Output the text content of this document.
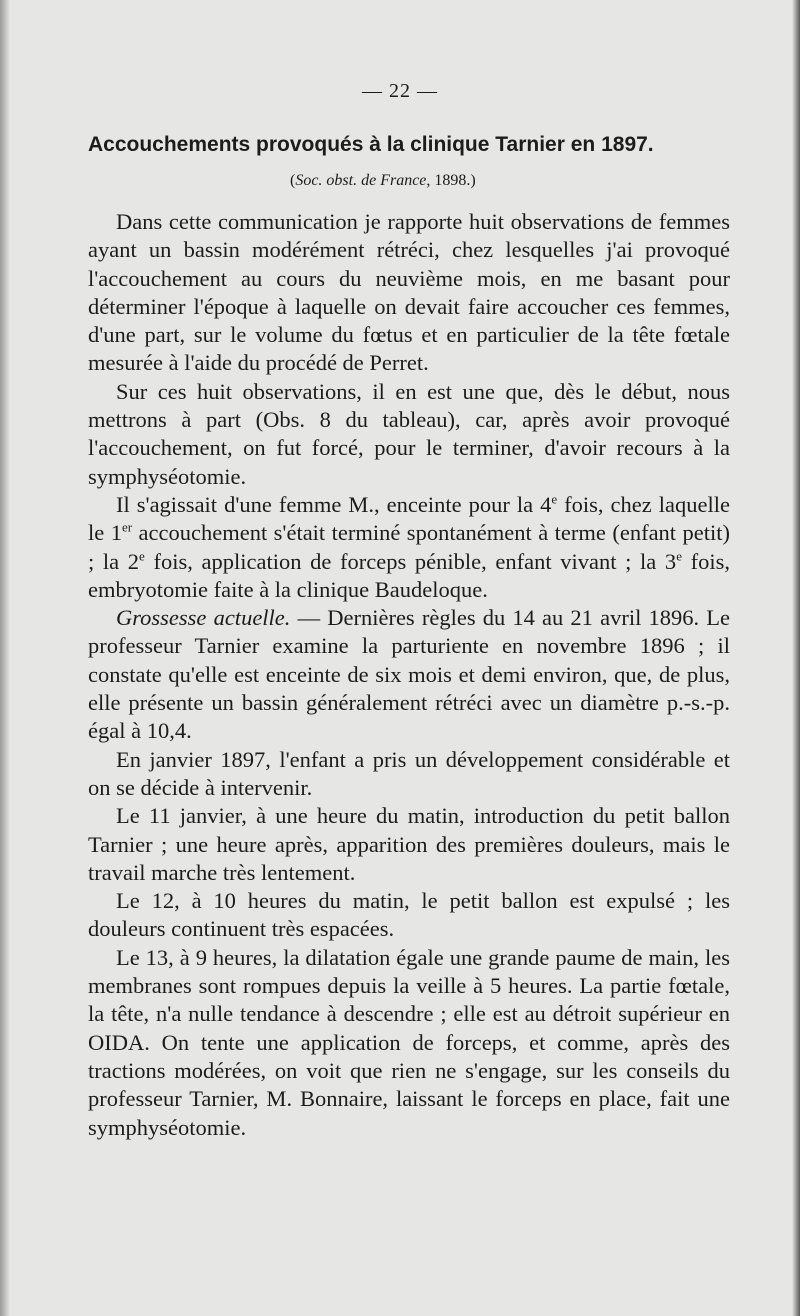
— 22 —
Accouchements provoqués à la clinique Tarnier en 1897.
(Soc. obst. de France, 1898.)

Dans cette communication je rapporte huit observations de femmes ayant un bassin modérément rétréci, chez lesquelles j'ai provoqué l'accouchement au cours du neuvième mois, en me basant pour déterminer l'époque à laquelle on devait faire accoucher ces femmes, d'une part, sur le volume du fœtus et en particulier de la tête fœtale mesurée à l'aide du procédé de Perret.

Sur ces huit observations, il en est une que, dès le début, nous mettrons à part (Obs. 8 du tableau), car, après avoir provoqué l'accouchement, on fut forcé, pour le terminer, d'avoir recours à la symphyséotomie.

Il s'agissait d'une femme M., enceinte pour la 4e fois, chez laquelle le 1er accouchement s'était terminé spontanément à terme (enfant petit) ; la 2e fois, application de forceps pénible, enfant vivant ; la 3e fois, embryotomie faite à la clinique Baudeloque.

Grossesse actuelle. — Dernières règles du 14 au 21 avril 1896. Le professeur Tarnier examine la parturiente en novembre 1896 ; il constate qu'elle est enceinte de six mois et demi environ, que, de plus, elle présente un bassin généralement rétréci avec un diamètre p.-s.-p. égal à 10,4.

En janvier 1897, l'enfant a pris un développement considérable et on se décide à intervenir.

Le 11 janvier, à une heure du matin, introduction du petit ballon Tarnier ; une heure après, apparition des premières douleurs, mais le travail marche très lentement.

Le 12, à 10 heures du matin, le petit ballon est expulsé ; les douleurs continuent très espacées.

Le 13, à 9 heures, la dilatation égale une grande paume de main, les membranes sont rompues depuis la veille à 5 heures. La partie fœtale, la tête, n'a nulle tendance à descendre ; elle est au détroit supérieur en OIDA. On tente une application de forceps, et comme, après des tractions modérées, on voit que rien ne s'engage, sur les conseils du professeur Tarnier, M. Bonnaire, laissant le forceps en place, fait une symphyséotomie.
